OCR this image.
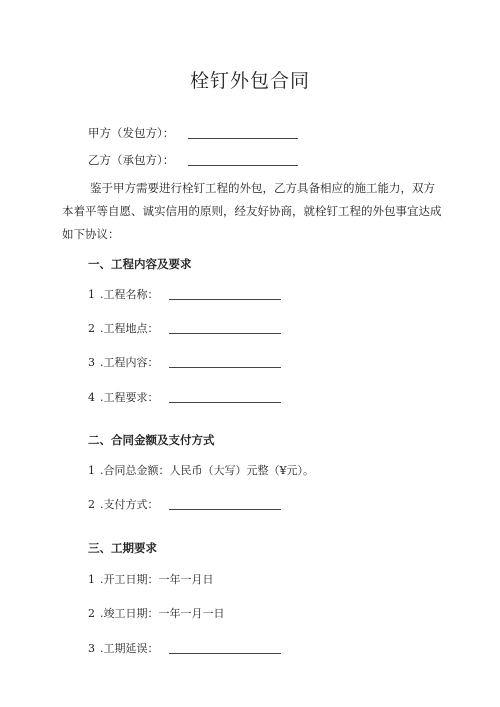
栓钉外包合同
甲方（发包方）：
乙方（承包方）：
鉴于甲方需要进行栓钉工程的外包，乙方具备相应的施工能力，双方本着平等自愿、诚实信用的原则，经友好协商，就栓钉工程的外包事宜达成如下协议：
一、工程内容及要求
1 .工程名称：
2 .工程地点：
3 .工程内容：
4 .工程要求：
二、合同金额及支付方式
1 .合同总金额：人民币（大写）元整（¥元）。
2 .支付方式：
三、工期要求
1 .开工日期：一年一月日
2 .竣工日期：一年一月一日
3 .工期延误：
